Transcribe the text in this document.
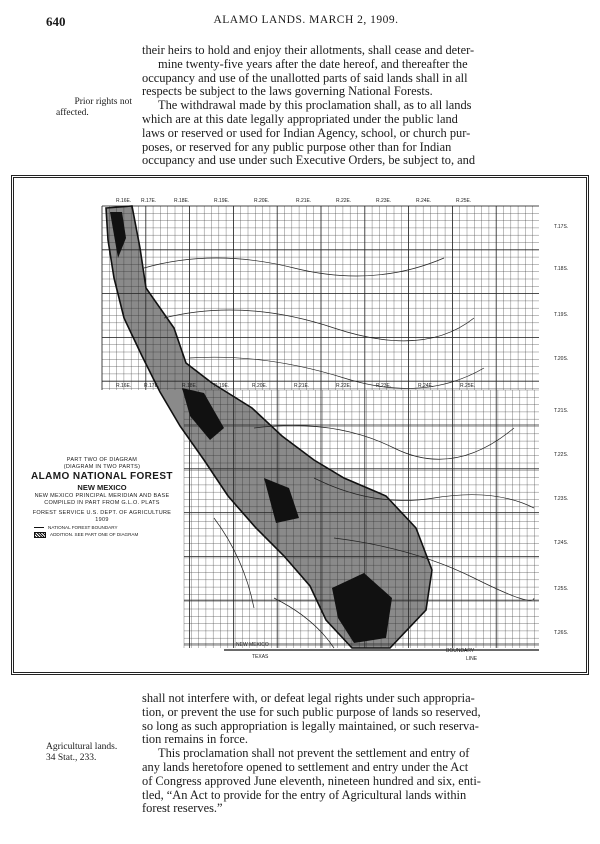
640	ALAMO LANDS. MARCH 2, 1909.
their heirs to hold and enjoy their allotments, shall cease and deter-
mine twenty-five years after the date hereof, and thereafter the
occupancy and use of the unallotted parts of said lands shall in all
respects be subject to the laws governing National Forests.
The withdrawal made by this proclamation shall, as to all lands
which are at this date legally appropriated under the public land
laws or reserved or used for Indian Agency, school, or church pur-
poses, or reserved for any public purpose other than for Indian
occupancy and use under such Executive Orders, be subject to, and
Prior rights not
affected.
R.16E. R.17E.	R.18E.	R.19E.	R.20E.	R.21E.	R.22E.	R.23E.	R.24E.	R.25E.
R.16E.	R.17E.	R.18E.	R.19E.	R.20E.	R.21E.	R.22E.	R.23E.	R.24E.	R.25E.
T.17S.
T.18S.
T.19S.
T.20S.
T.21S.
T.22S.
T.23S.
T.24S.
T.25S.
T.26S.
NEW MEXICO
TEXAS
BOUNDARY
LINE
PART TWO OF DIAGRAM
(DIAGRAM IN TWO PARTS)
ALAMO NATIONAL FOREST
NEW MEXICO
NEW MEXICO PRINCIPAL MERIDIAN AND BASE
COMPILED IN PART FROM G.L.O. PLATS
FOREST SERVICE U.S. DEPT. OF AGRICULTURE
1909
NATIONAL FOREST BOUNDARY
ADDITION. SEE PART ONE OF DIAGRAM
shall not interfere with, or defeat legal rights under such appropria-
tion, or prevent the use for such public purpose of lands so reserved,
so long as such appropriation is legally maintained, or such reserva-
tion remains in force.
This proclamation shall not prevent the settlement and entry of
any lands heretofore opened to settlement and entry under the Act
of Congress approved June eleventh, nineteen hundred and six, enti-
tled, “An Act to provide for the entry of Agricultural lands within
forest reserves.”
Agricultural lands.
34 Stat., 233.
